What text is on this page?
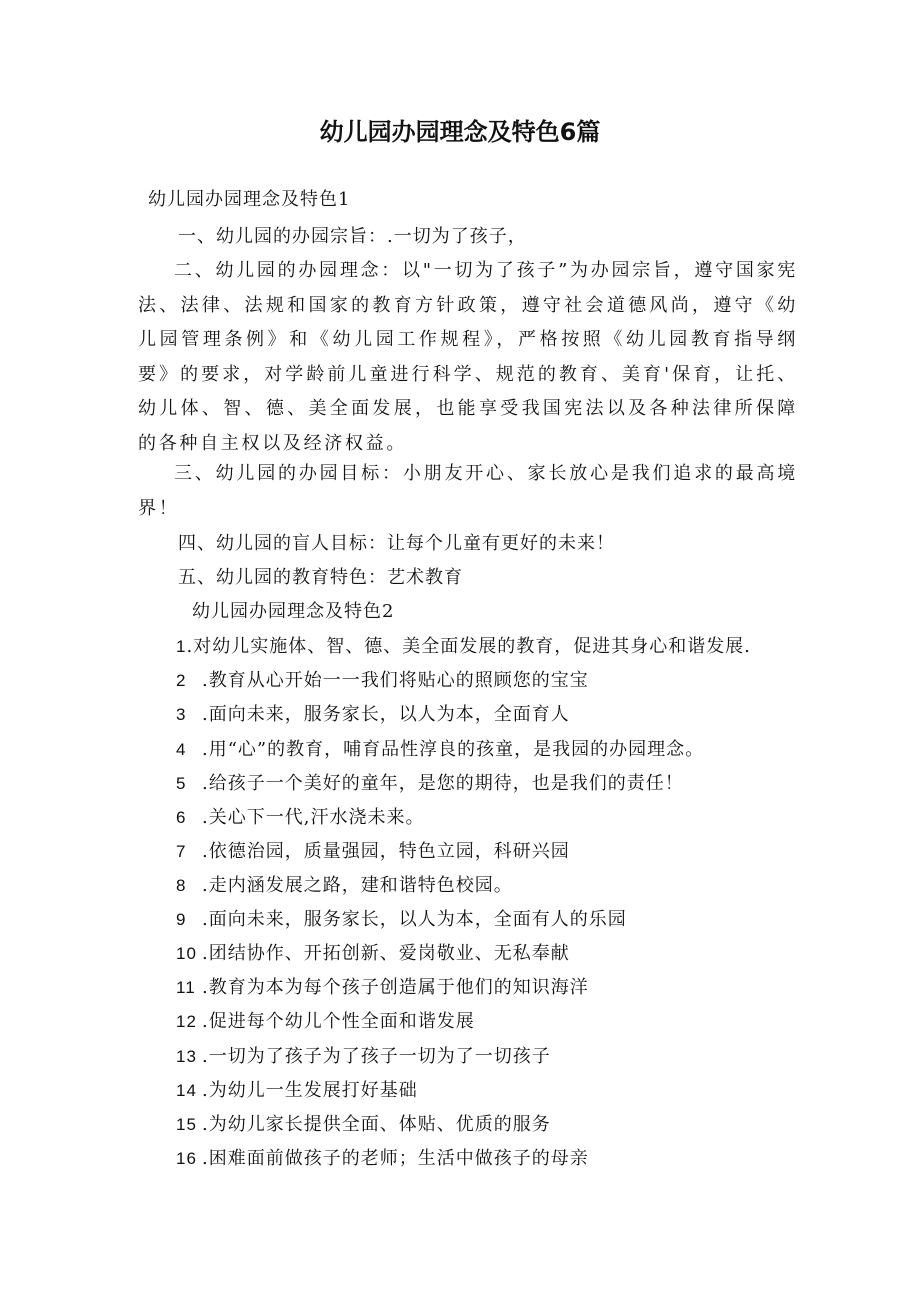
幼儿园办园理念及特色6篇
幼儿园办园理念及特色1
一、幼儿园的办园宗旨：.一切为了孩子，
二、幼儿园的办园理念：以"一切为了孩子”为办园宗旨，遵守国家宪法、法律、法规和国家的教育方针政策，遵守社会道德风尚，遵守《幼儿园管理条例》和《幼儿园工作规程》，严格按照《幼儿园教育指导纲要》的要求，对学龄前儿童进行科学、规范的教育、美育'保育，让托、幼儿体、智、德、美全面发展，也能享受我国宪法以及各种法律所保障的各种自主权以及经济权益。
三、幼儿园的办园目标：小朋友开心、家长放心是我们追求的最高境界！
四、幼儿园的盲人目标：让每个儿童有更好的未来！
五、幼儿园的教育特色：艺术教育
幼儿园办园理念及特色2
1.对幼儿实施体、智、德、美全面发展的教育，促进其身心和谐发展.
2 .教育从心开始一一我们将贴心的照顾您的宝宝
3 .面向未来，服务家长，以人为本，全面育人
4 .用“心”的教育，哺育品性淳良的孩童，是我园的办园理念。
5 .给孩子一个美好的童年，是您的期待，也是我们的责任！
6 .关心下一代,汗水浇未来。
7 .依德治园，质量强园，特色立园，科研兴园
8 .走内涵发展之路，建和谐特色校园。
9 .面向未来，服务家长，以人为本，全面有人的乐园
10 .团结协作、开拓创新、爱岗敬业、无私奉献
11 .教育为本为每个孩子创造属于他们的知识海洋
12 .促进每个幼儿个性全面和谐发展
13 .一切为了孩子为了孩子一切为了一切孩子
14 .为幼儿一生发展打好基础
15 .为幼儿家长提供全面、体贴、优质的服务
16 .困难面前做孩子的老师；生活中做孩子的母亲
